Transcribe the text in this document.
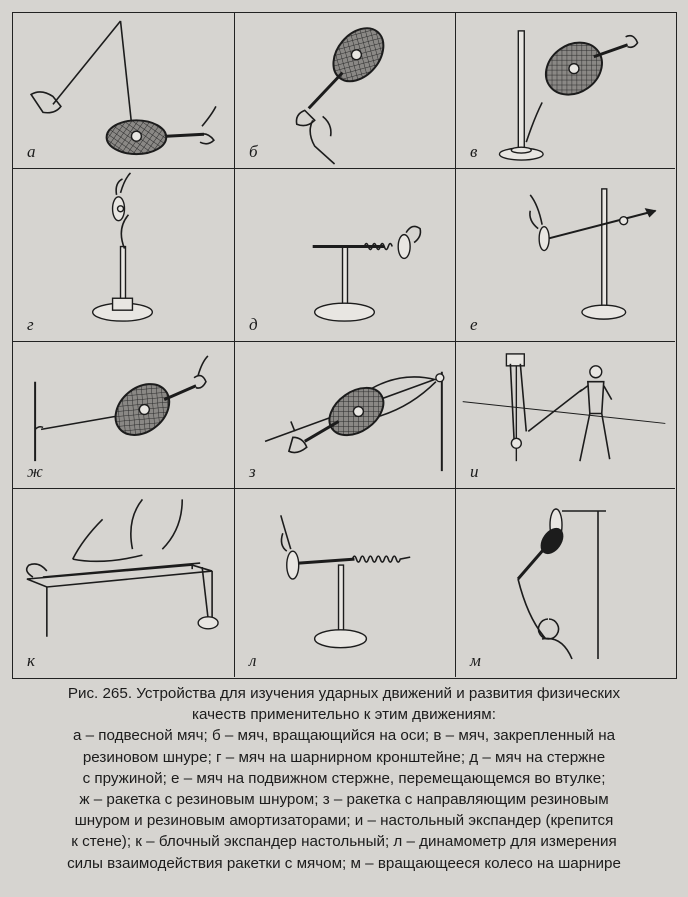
а	б	в
г	д	е
ж	з	и
к	л	м

Рис. 265. Устройства для изучения ударных движений и развития физических

качеств применительно к этим движениям:

а – подвесной мяч; б – мяч, вращающийся на оси; в – мяч, закрепленный на

резиновом шнуре; г – мяч на шарнирном кронштейне; д – мяч на стержне

с пружиной; е – мяч на подвижном стержне, перемещающемся во втулке;

ж – ракетка с резиновым шнуром; з – ракетка с направляющим резиновым

шнуром и резиновым амортизаторами; и – настольный экспандер (крепится

к стене); к – блочный экспандер настольный; л – динамометр для измерения

силы взаимодействия ракетки с мячом; м – вращающееся колесо на шарнире
